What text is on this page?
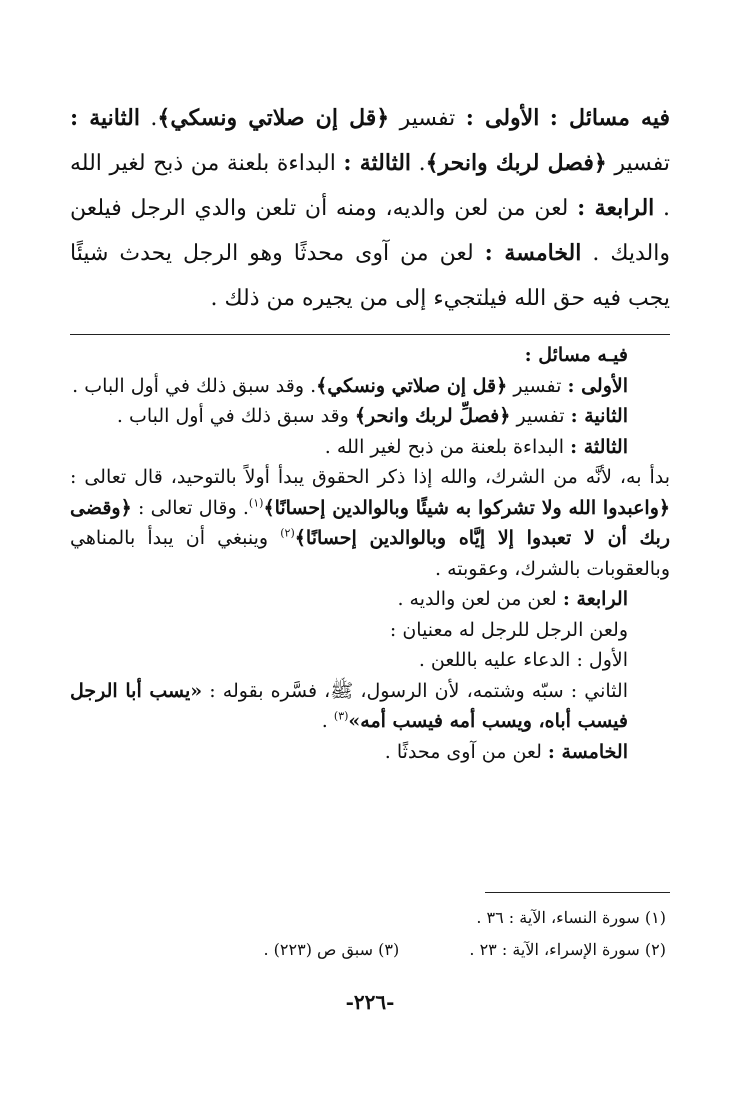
فيه مسائل : الأولى : تفسير ﴿قل إن صلاتي ونسكي﴾. الثانية : تفسير ﴿فصل لربك وانحر﴾. الثالثة : البداءة بلعنة من ذبح لغير الله . الرابعة : لعن من لعن والديه، ومنه أن تلعن والدي الرجل فيلعن والديك . الخامسة : لعن من آوى محدثًا وهو الرجل يحدث شيئًا يجب فيه حق الله فيلتجيء إلى من يجيره من ذلك .

فيـه مسائل :

الأولى : تفسير ﴿قل إن صلاتي ونسكي﴾. وقد سبق ذلك في أول الباب .

الثانية : تفسير ﴿فصلِّ لربك وانحر﴾ وقد سبق ذلك في أول الباب .

الثالثة : البداءة بلعنة من ذبح لغير الله .

بدأ به، لأنَّه من الشرك، والله إذا ذكر الحقوق يبدأ أولاً بالتوحيد، قال تعالى : ﴿واعبدوا الله ولا تشركوا به شيئًا وبالوالدين إحسانًا﴾$^{(١)}$. وقال تعالى : ﴿وقضى ربك أن لا تعبدوا إلا إيَّاه وبالوالدين إحسانًا﴾$^{(٢)}$ وينبغي أن يبدأ بالمناهي وبالعقوبات بالشرك، وعقوبته .

الرابعة : لعن من لعن والديه .

ولعن الرجل للرجل له معنيان :

الأول : الدعاء عليه باللعن .

الثاني : سبّه وشتمه، لأن الرسول، ﷺ، فسَّره بقوله : «يسب أبا الرجل فيسب أباه، ويسب أمه فيسب أمه»$^{(٣)}$ .

الخامسة : لعن من آوى محدثًا .

(١) سورة النساء، الآية : ٣٦ .

(٢) سورة الإسراء، الآية : ٢٣ .  (٣) سبق ص (٢٢٣) .

-٢٢٦-
